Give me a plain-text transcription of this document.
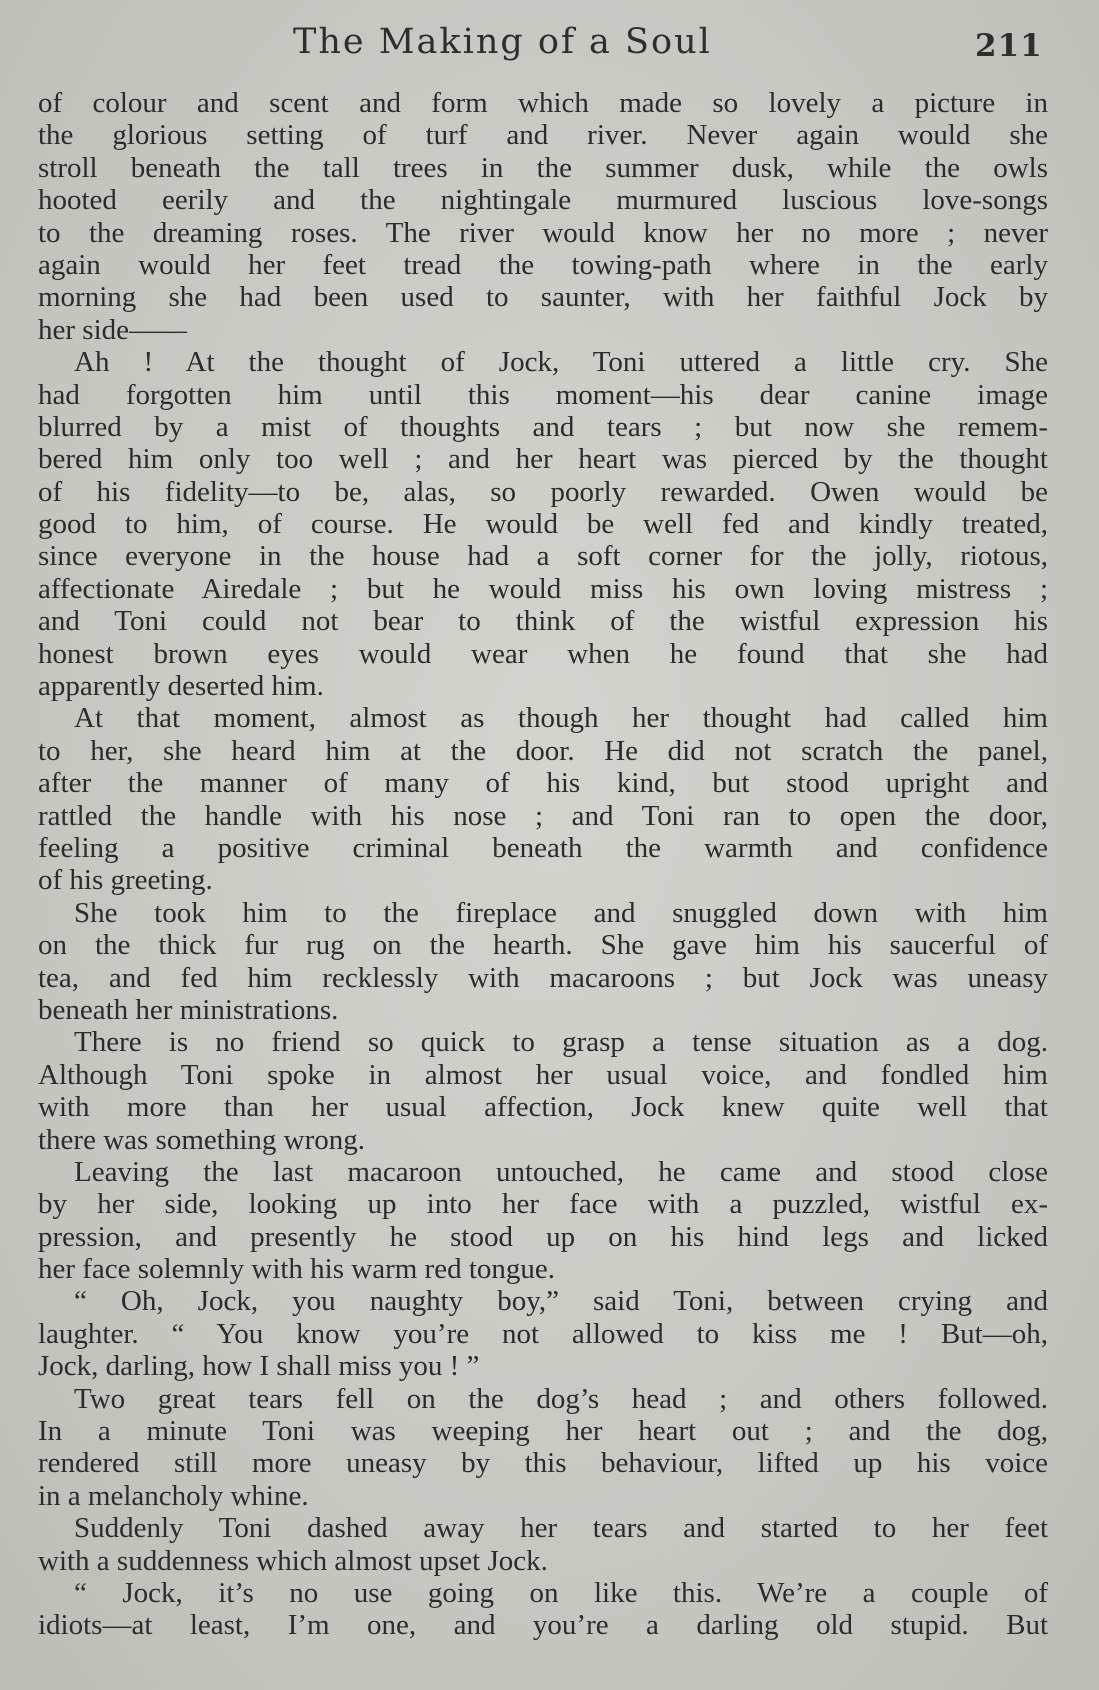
The Making of a Soul	211
of colour and scent and form which made so lovely a picture in
the glorious setting of turf and river. Never again would she
stroll beneath the tall trees in the summer dusk, while the owls
hooted eerily and the nightingale murmured luscious love-songs
to the dreaming roses. The river would know her no more ; never
again would her feet tread the towing-path where in the early
morning she had been used to saunter, with her faithful Jock by
her side——
Ah ! At the thought of Jock, Toni uttered a little cry. She
had forgotten him until this moment—his dear canine image
blurred by a mist of thoughts and tears ; but now she remem-
bered him only too well ; and her heart was pierced by the thought
of his fidelity—to be, alas, so poorly rewarded. Owen would be
good to him, of course. He would be well fed and kindly treated,
since everyone in the house had a soft corner for the jolly, riotous,
affectionate Airedale ; but he would miss his own loving mistress ;
and Toni could not bear to think of the wistful expression his
honest brown eyes would wear when he found that she had
apparently deserted him.
At that moment, almost as though her thought had called him
to her, she heard him at the door. He did not scratch the panel,
after the manner of many of his kind, but stood upright and
rattled the handle with his nose ; and Toni ran to open the door,
feeling a positive criminal beneath the warmth and confidence
of his greeting.
She took him to the fireplace and snuggled down with him
on the thick fur rug on the hearth. She gave him his saucerful of
tea, and fed him recklessly with macaroons ; but Jock was uneasy
beneath her ministrations.
There is no friend so quick to grasp a tense situation as a dog.
Although Toni spoke in almost her usual voice, and fondled him
with more than her usual affection, Jock knew quite well that
there was something wrong.
Leaving the last macaroon untouched, he came and stood close
by her side, looking up into her face with a puzzled, wistful ex-
pression, and presently he stood up on his hind legs and licked
her face solemnly with his warm red tongue.
“ Oh, Jock, you naughty boy,” said Toni, between crying and
laughter. “ You know you’re not allowed to kiss me ! But—oh,
Jock, darling, how I shall miss you ! ”
Two great tears fell on the dog’s head ; and others followed.
In a minute Toni was weeping her heart out ; and the dog,
rendered still more uneasy by this behaviour, lifted up his voice
in a melancholy whine.
Suddenly Toni dashed away her tears and started to her feet
with a suddenness which almost upset Jock.
“ Jock, it’s no use going on like this. We’re a couple of
idiots—at least, I’m one, and you’re a darling old stupid. But
